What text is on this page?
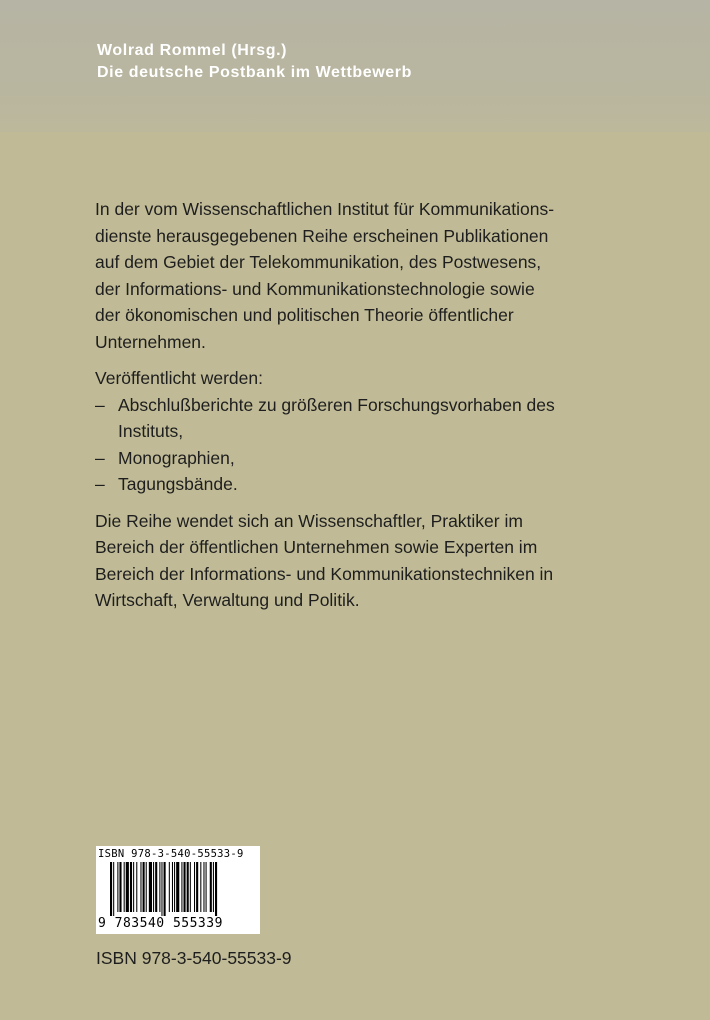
Wolrad Rommel (Hrsg.)
Die deutsche Postbank im Wettbewerb

In der vom Wissenschaftlichen Institut für Kommunikations-
dienste herausgegebenen Reihe erscheinen Publikationen
auf dem Gebiet der Telekommunikation, des Postwesens,
der Informations- und Kommunikationstechnologie sowie
der ökonomischen und politischen Theorie öffentlicher
Unternehmen.

Veröffentlicht werden:
– Abschlußberichte zu größeren Forschungsvorhaben des
Instituts,
– Monographien,
– Tagungsbände.

Die Reihe wendet sich an Wissenschaftler, Praktiker im
Bereich der öffentlichen Unternehmen sowie Experten im
Bereich der Informations- und Kommunikationstechniken in
Wirtschaft, Verwaltung und Politik.

ISBN 978-3-540-55533-9
9 783540 555339
ISBN 978-3-540-55533-9
